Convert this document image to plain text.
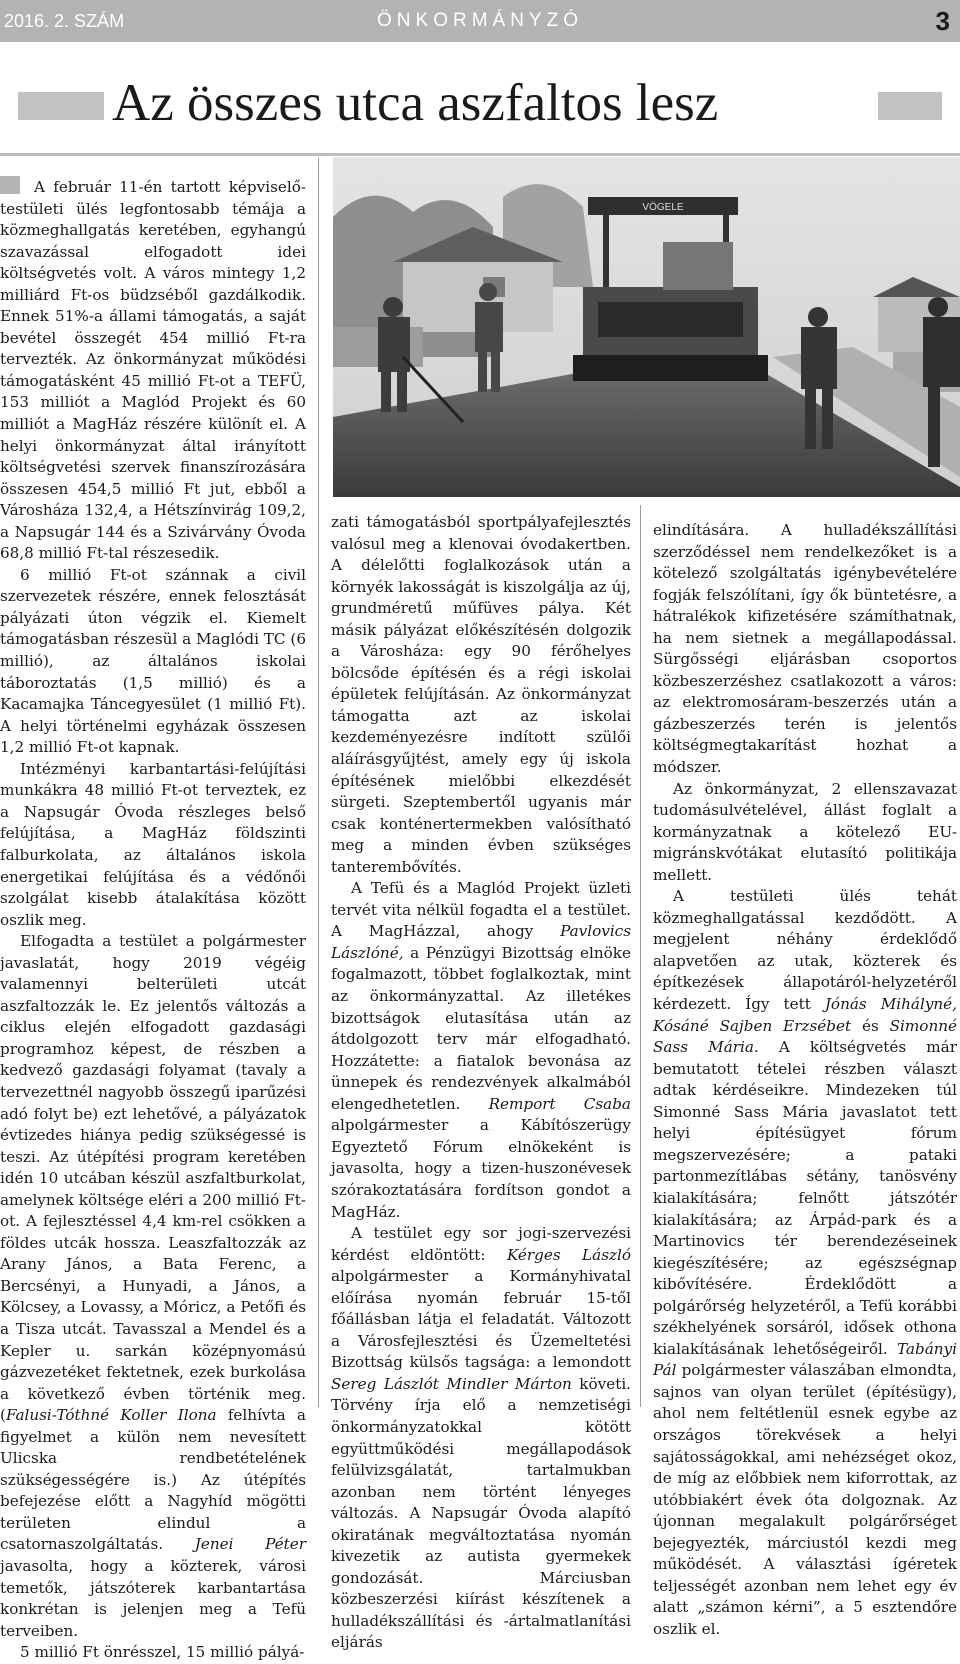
2016. 2. SZÁM	ÖNKORMÁNYZÓ	3
Az összes utca aszfaltos lesz
VÖGELE

A február 11-én tartott képviselő-testületi ülés legfontosabb témája a közmeghallgatás keretében, egyhangú szavazással elfogadott idei költségvetés volt. A város mintegy 1,2 milliárd Ft-os büdzséből gazdálkodik. Ennek 51%-a állami támogatás, a saját bevétel összegét 454 millió Ft-ra tervezték. Az önkormányzat működési támogatásként 45 millió Ft-ot a TEFÜ, 153 milliót a Maglód Projekt és 60 milliót a MagHáz részére különít el. A helyi önkormányzat által irányított költségvetési szervek finanszírozására összesen 454,5 millió Ft jut, ebből a Városháza 132,4, a Hétszínvirág 109,2, a Napsugár 144 és a Szivárvány Óvoda 68,8 millió Ft-tal részesedik.

6 millió Ft-ot szánnak a civil szervezetek részére, ennek felosztását pályázati úton végzik el. Kiemelt támogatásban részesül a Maglódi TC (6 millió), az általános iskolai táboroztatás (1,5 millió) és a Kacamajka Táncegyesület (1 millió Ft). A helyi történelmi egyházak összesen 1,2 millió Ft-ot kapnak.

Intézményi karbantartási-felújítási munkákra 48 millió Ft-ot terveztek, ez a Napsugár Óvoda részleges belső felújítása, a MagHáz földszinti falburkolata, az általános iskola energetikai felújítása és a védőnői szolgálat kisebb átalakítása között oszlik meg.

Elfogadta a testület a polgármester javaslatát, hogy 2019 végéig valamennyi belterületi utcát aszfaltozzák le. Ez jelentős változás a ciklus elején elfogadott gazdasági programhoz képest, de részben a kedvező gazdasági folyamat (tavaly a tervezettnél nagyobb összegű iparűzési adó folyt be) ezt lehetővé, a pályázatok évtizedes hiánya pedig szükségessé is teszi. Az útépítési program keretében idén 10 utcában készül aszfaltburkolat, amelynek költsége eléri a 200 millió Ft-ot. A fejlesztéssel 4,4 km-rel csökken a földes utcák hossza. Leaszfaltozzák az Arany János, a Bata Ferenc, a Bercsényi, a Hunyadi, a János, a Kölcsey, a Lovassy, a Móricz, a Petőfi és a Tisza utcát. Tavasszal a Mendel és a Kepler u. sarkán középnyomású gázvezetéket fektetnek, ezek burkolása a következő évben történik meg. (Falusi-Tóthné Koller Ilona felhívta a figyelmet a külön nem nevesített Ulicska rendbetételének szükségességére is.) Az útépítés befejezése előtt a Nagyhíd mögötti területen elindul a csatornaszolgáltatás. Jenei Péter javasolta, hogy a közterek, városi temetők, játszóterek karbantartása konkrétan is jelenjen meg a Tefü terveiben.

5 millió Ft önrésszel, 15 millió pályá-

zati támogatásból sportpályafejlesztés valósul meg a klenovai óvodakertben. A délelőtti foglalkozások után a környék lakosságát is kiszolgálja az új, grundméretű műfüves pálya. Két másik pályázat előkészítésén dolgozik a Városháza: egy 90 férőhelyes bölcsőde építésén és a régi iskolai épületek felújításán. Az önkormányzat támogatta azt az iskolai kezdeményezésre indított szülői aláírásgyűjtést, amely egy új iskola építésének mielőbbi elkezdését sürgeti. Szeptembertől ugyanis már csak konténertermekben valósítható meg a minden évben szükséges tanterembővítés.

A Tefü és a Maglód Projekt üzleti tervét vita nélkül fogadta el a testület. A MagHázzal, ahogy Pavlovics Lászlóné, a Pénzügyi Bizottság elnöke fogalmazott, többet foglalkoztak, mint az önkormányzattal. Az illetékes bizottságok elutasítása után az átdolgozott terv már elfogadható. Hozzátette: a fiatalok bevonása az ünnepek és rendezvények alkalmából elengedhetetlen. Remport Csaba alpolgármester a Kábítószerügy Egyeztető Fórum elnökeként is javasolta, hogy a tizen-huszonévesek szórakoztatására fordítson gondot a MagHáz.

A testület egy sor jogi-szervezési kérdést eldöntött: Kérges László alpolgármester a Kormányhivatal előírása nyomán február 15-től főállásban látja el feladatát. Változott a Városfejlesztési és Üzemeltetési Bizottság külsős tagsága: a lemondott Sereg Lászlót Mindler Márton követi. Törvény írja elő a nemzetiségi önkormányzatokkal kötött együttműködési megállapodások felülvizsgálatát, tartalmukban azonban nem történt lényeges változás. A Napsugár Óvoda alapító okiratának megváltoztatása nyomán kivezetik az autista gyermekek gondozását. Márciusban közbeszerzési kiírást készítenek a hulladékszállítási és -ártalmatlanítási eljárás

elindítására. A hulladékszállítási szerződéssel nem rendelkezőket is a kötelező szolgáltatás igénybevételére fogják felszólítani, így ők büntetésre, a hátralékok kifizetésére számíthatnak, ha nem sietnek a megállapodással. Sürgősségi eljárásban csoportos közbeszerzéshez csatlakozott a város: az elektromosáram-beszerzés után a gázbeszerzés terén is jelentős költségmegtakarítást hozhat a módszer.

Az önkormányzat, 2 ellenszavazat tudomásulvételével, állást foglalt a kormányzatnak a kötelező EU-migránskvótákat elutasító politikája mellett.

A testületi ülés tehát közmeghallgatással kezdődött. A megjelent néhány érdeklődő alapvetően az utak, közterek és építkezések állapotáról-helyzetéről kérdezett. Így tett Jónás Mihályné, Kósáné Sajben Erzsébet és Simonné Sass Mária. A költségvetés már bemutatott tételei részben választ adtak kérdéseikre. Mindezeken túl Simonné Sass Mária javaslatot tett helyi építésügyet fórum megszervezésére; a pataki partonmezítlábas sétány, tanösvény kialakítására; felnőtt játszótér kialakítására; az Árpád-park és a Martinovics tér berendezéseinek kiegészítésére; az egészségnap kibővítésére. Érdeklődött a polgárőrség helyzetéről, a Tefü korábbi székhelyének sorsáról, idősek othona kialakításának lehetőségeiről. Tabányi Pál polgármester válaszában elmondta, sajnos van olyan terület (építésügy), ahol nem feltétlenül esnek egybe az országos törekvések a helyi sajátosságokkal, ami nehézséget okoz, de míg az előbbiek nem kiforrottak, az utóbbiakért évek óta dolgoznak. Az újonnan megalakult polgárőrséget bejegyezték, márciustól kezdi meg működését. A választási ígéretek teljességét azonban nem lehet egy év alatt „számon kérni”, a 5 esztendőre oszlik el.
